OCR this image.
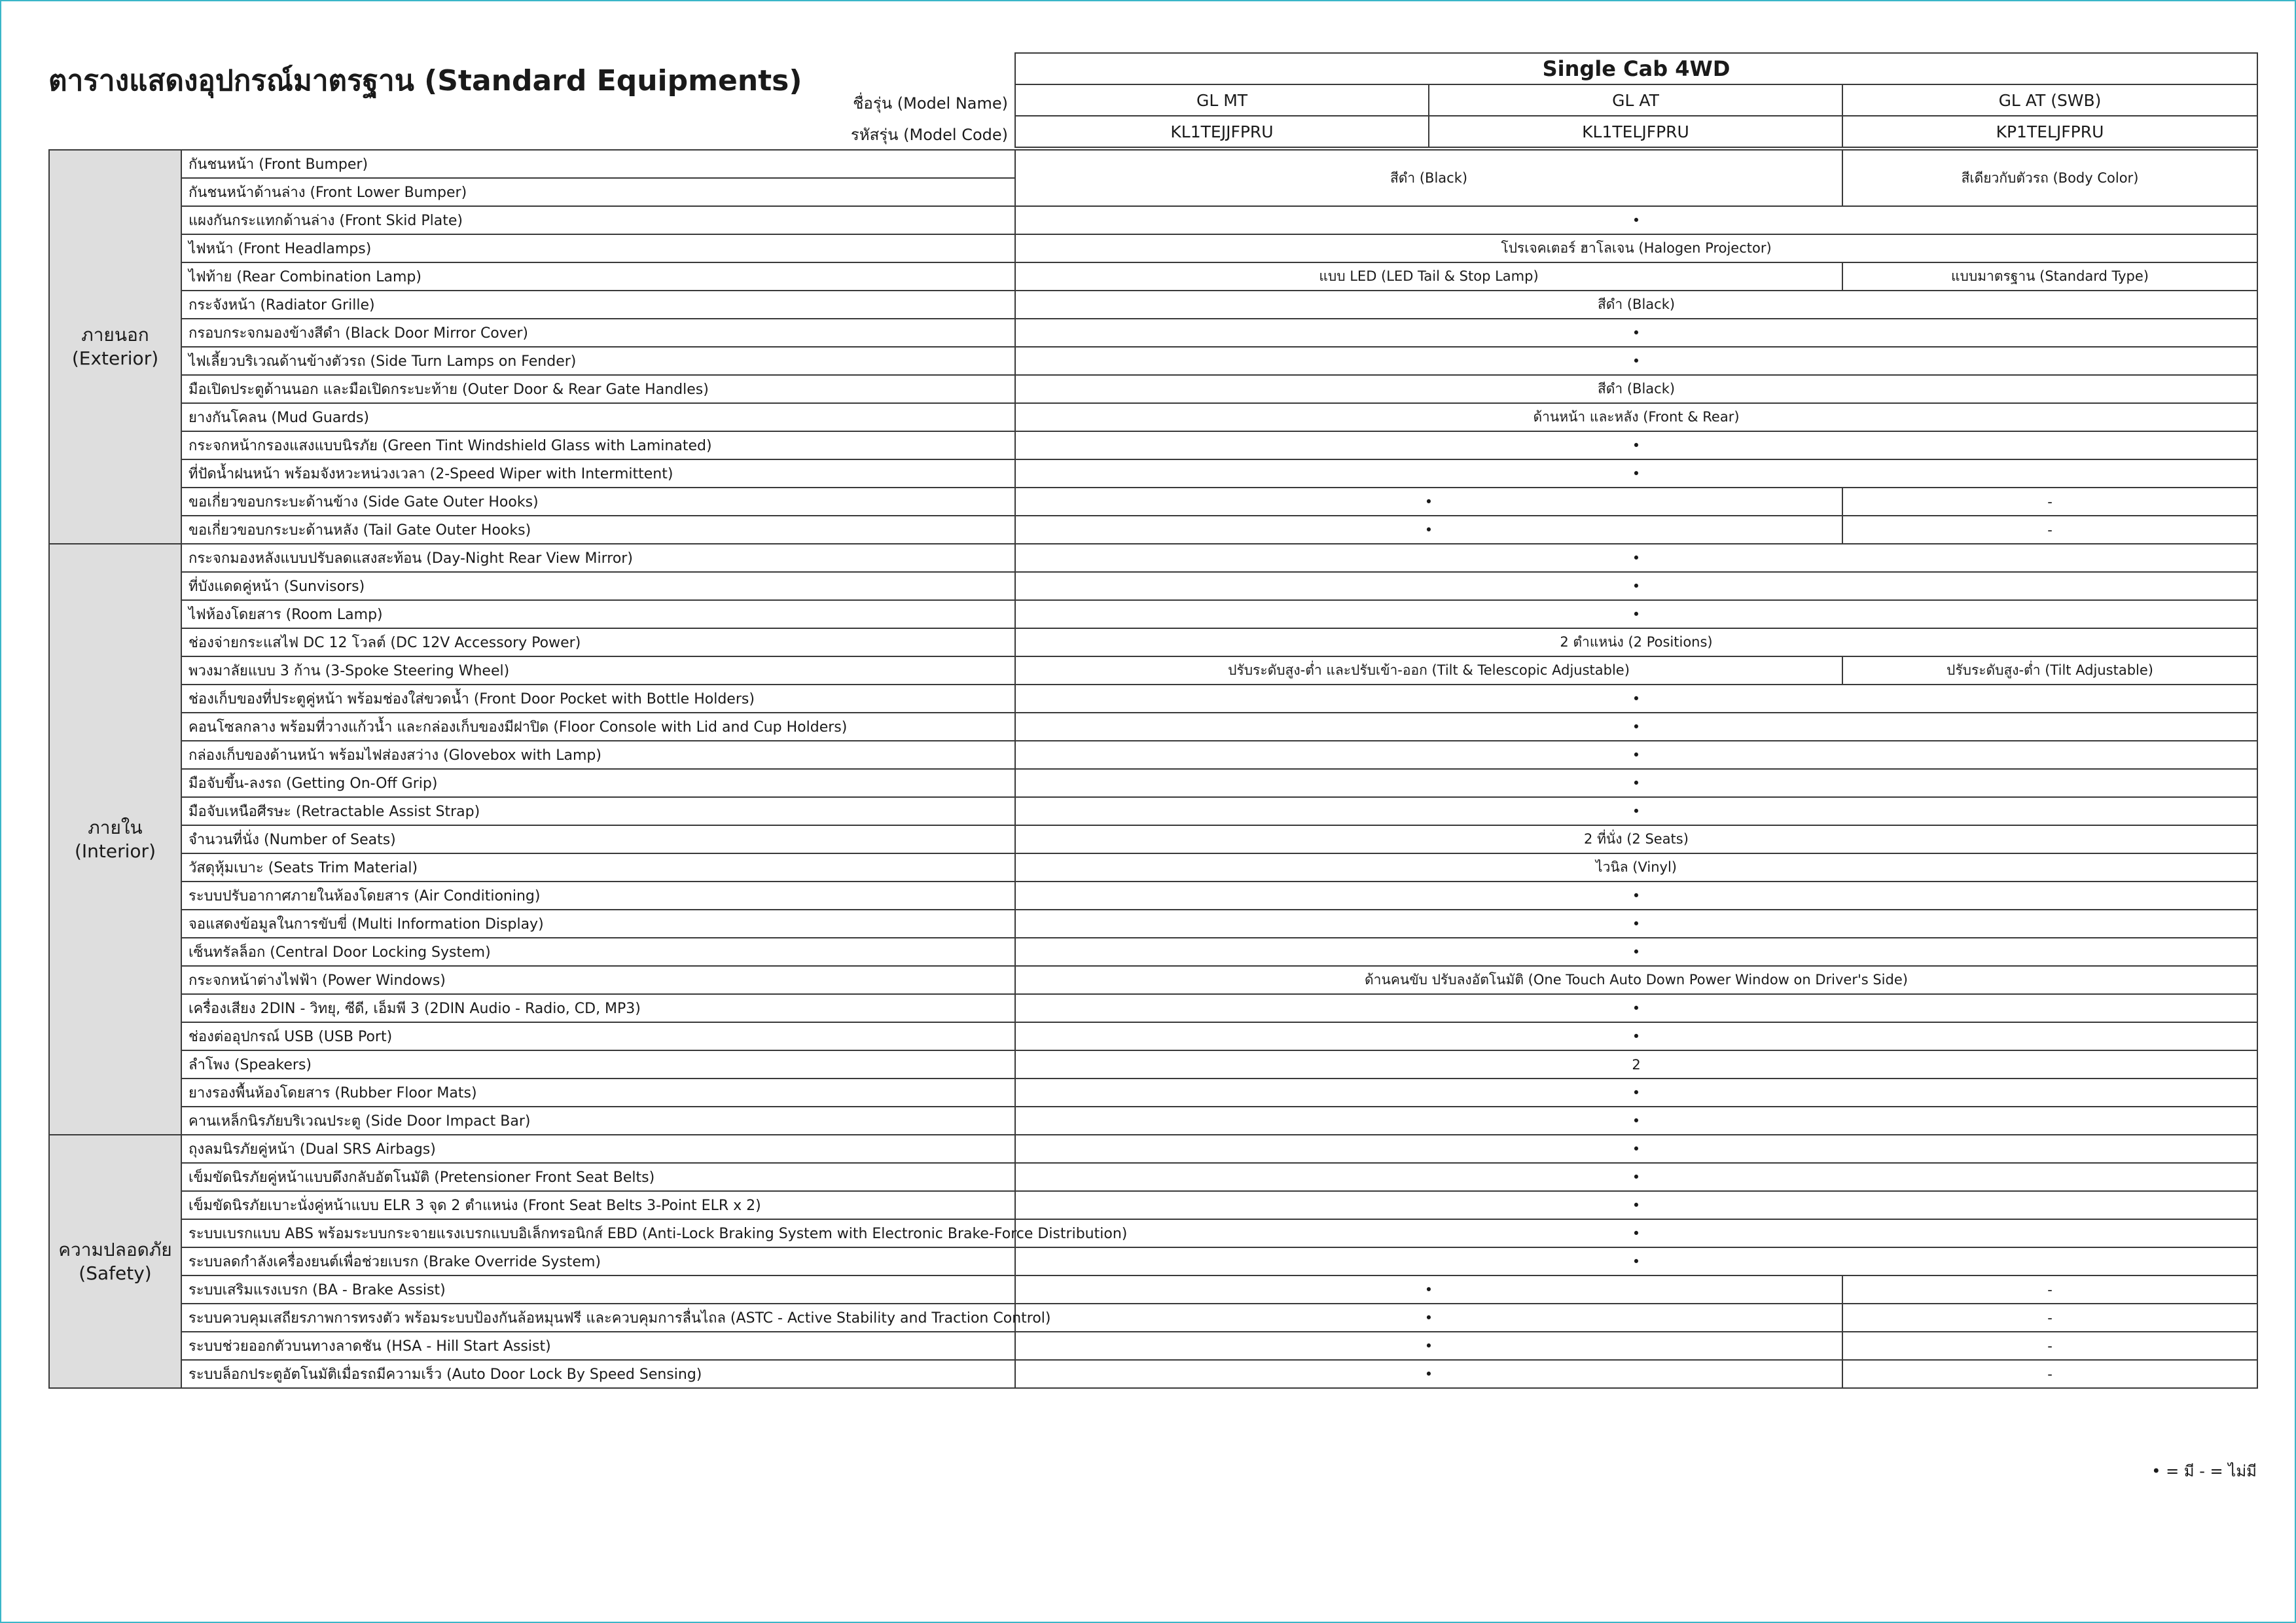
ตารางแสดงอุปกรณ์มาตรฐาน (Standard Equipments)
ชื่อรุ่น (Model Name)
รหัสรุ่น (Model Code)
Single Cab 4WD		
GL MT	GL AT	GL AT (SWB)
KL1TEJJFPRU	KL1TELJFPRU	KP1TELJFPRU
ภายนอก
(Exterior)	กันชนหน้า (Front Bumper)	สีดำ (Black)	สีเดียวกับตัวรถ (Body Color)
	กันชนหน้าด้านล่าง (Front Lower Bumper)		
	แผงกันกระแทกด้านล่าง (Front Skid Plate)	•	
	ไฟหน้า (Front Headlamps)	โปรเจคเตอร์ ฮาโลเจน (Halogen Projector)	
	ไฟท้าย (Rear Combination Lamp)	แบบ LED (LED Tail & Stop Lamp)	แบบมาตรฐาน (Standard Type)
	กระจังหน้า (Radiator Grille)	สีดำ (Black)	
	กรอบกระจกมองข้างสีดำ (Black Door Mirror Cover)	•	
	ไฟเลี้ยวบริเวณด้านข้างตัวรถ (Side Turn Lamps on Fender)	•	
	มือเปิดประตูด้านนอก และมือเปิดกระบะท้าย (Outer Door & Rear Gate Handles)	สีดำ (Black)	
	ยางกันโคลน (Mud Guards)	ด้านหน้า และหลัง (Front & Rear)	
	กระจกหน้ากรองแสงแบบนิรภัย (Green Tint Windshield Glass with Laminated)	•	
	ที่ปัดน้ำฝนหน้า พร้อมจังหวะหน่วงเวลา (2-Speed Wiper with Intermittent)	•	
	ขอเกี่ยวขอบกระบะด้านข้าง (Side Gate Outer Hooks)	•	-
	ขอเกี่ยวขอบกระบะด้านหลัง (Tail Gate Outer Hooks)	•	-
ภายใน
(Interior)	กระจกมองหลังแบบปรับลดแสงสะท้อน (Day-Night Rear View Mirror)	•	
	ที่บังแดดคู่หน้า (Sunvisors)	•	
	ไฟห้องโดยสาร (Room Lamp)	•	
	ช่องจ่ายกระแสไฟ DC 12 โวลต์ (DC 12V Accessory Power)	2 ตำแหน่ง (2 Positions)	
	พวงมาลัยแบบ 3 ก้าน (3-Spoke Steering Wheel)	ปรับระดับสูง-ต่ำ และปรับเข้า-ออก (Tilt & Telescopic Adjustable)	ปรับระดับสูง-ต่ำ (Tilt Adjustable)
	ช่องเก็บของที่ประตูคู่หน้า พร้อมช่องใส่ขวดน้ำ (Front Door Pocket with Bottle Holders)	•	
	คอนโซลกลาง พร้อมที่วางแก้วน้ำ และกล่องเก็บของมีฝาปิด (Floor Console with Lid and Cup Holders)	•	
	กล่องเก็บของด้านหน้า พร้อมไฟส่องสว่าง (Glovebox with Lamp)	•	
	มือจับขึ้น-ลงรถ (Getting On-Off Grip)	•	
	มือจับเหนือศีรษะ (Retractable Assist Strap)	•	
	จำนวนที่นั่ง (Number of Seats)	2 ที่นั่ง (2 Seats)	
	วัสดุหุ้มเบาะ (Seats Trim Material)	ไวนิล (Vinyl)	
	ระบบปรับอากาศภายในห้องโดยสาร (Air Conditioning)	•	
	จอแสดงข้อมูลในการขับขี่ (Multi Information Display)	•	
	เซ็นทรัลล็อก (Central Door Locking System)	•	
	กระจกหน้าต่างไฟฟ้า (Power Windows)	ด้านคนขับ ปรับลงอัตโนมัติ (One Touch Auto Down Power Window on Driver's Side)	
	เครื่องเสียง 2DIN - วิทยุ, ซีดี, เอ็มพี 3 (2DIN Audio - Radio, CD, MP3)	•	
	ช่องต่ออุปกรณ์ USB (USB Port)	•	
	ลำโพง (Speakers)	2	
	ยางรองพื้นห้องโดยสาร (Rubber Floor Mats)	•	
	คานเหล็กนิรภัยบริเวณประตู (Side Door Impact Bar)	•	
ความปลอดภัย
(Safety)	ถุงลมนิรภัยคู่หน้า (Dual SRS Airbags)	•	
	เข็มขัดนิรภัยคู่หน้าแบบดึงกลับอัตโนมัติ (Pretensioner Front Seat Belts)	•	
	เข็มขัดนิรภัยเบาะนั่งคู่หน้าแบบ ELR 3 จุด 2 ตำแหน่ง (Front Seat Belts 3-Point ELR x 2)	•	
	ระบบเบรกแบบ ABS พร้อมระบบกระจายแรงเบรกแบบอิเล็กทรอนิกส์ EBD (Anti-Lock Braking System with Electronic Brake-Force Distribution)	•	
	ระบบลดกำลังเครื่องยนต์เพื่อช่วยเบรก (Brake Override System)	•	
	ระบบเสริมแรงเบรก (BA - Brake Assist)	•	-
	ระบบควบคุมเสถียรภาพการทรงตัว พร้อมระบบป้องกันล้อหมุนฟรี และควบคุมการลื่นไถล (ASTC - Active Stability and Traction Control)	•	-
	ระบบช่วยออกตัวบนทางลาดชัน (HSA - Hill Start Assist)	•	-
	ระบบล็อกประตูอัตโนมัติเมื่อรถมีความเร็ว (Auto Door Lock By Speed Sensing)	•	-
• = มี - = ไม่มี
